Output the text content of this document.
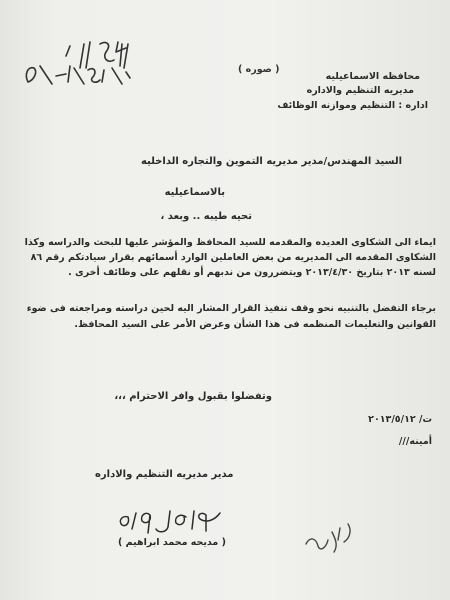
محافظه الاسماعيليه
مديريه التنظيم والاداره
اداره : التنظيم وموازنه الوظائف
( صوره )
السيد المهندس/مدير مديريه التموين والتجاره الداخليه
بالاسماعيليه
تحيه طيبه .. وبعد ،
ايماء الى الشكاوى العديده والمقدمه للسيد المحافظ والمؤشر عليها للبحث والدراسه وكذا
الشكاوى المقدمه الى المديريه من بعض العاملين الوارد أسمائهم بقرار سيادتكم رقم ٨٦
لسنه ٢٠١٣ بتاريخ ٢٠١٣/٤/٣٠ ويتضررون من ندبهم أو نقلهم على وظائف أخرى .
برجاء التفضل بالتنبيه نحو وقف تنفيذ القرار المشار اليه لحين دراسته ومراجعته فى ضوء
القوانين والتعليمات المنظمه فى هذا الشأن وعرض الأمر على السيد المحافظ.
وتفضلوا بقبول وافر الاحترام ،،،
ت/ ٢٠١٣/٥/١٢
أمينه///
مدير مديريه التنظيم والاداره
( مديحه محمد ابراهيم )
